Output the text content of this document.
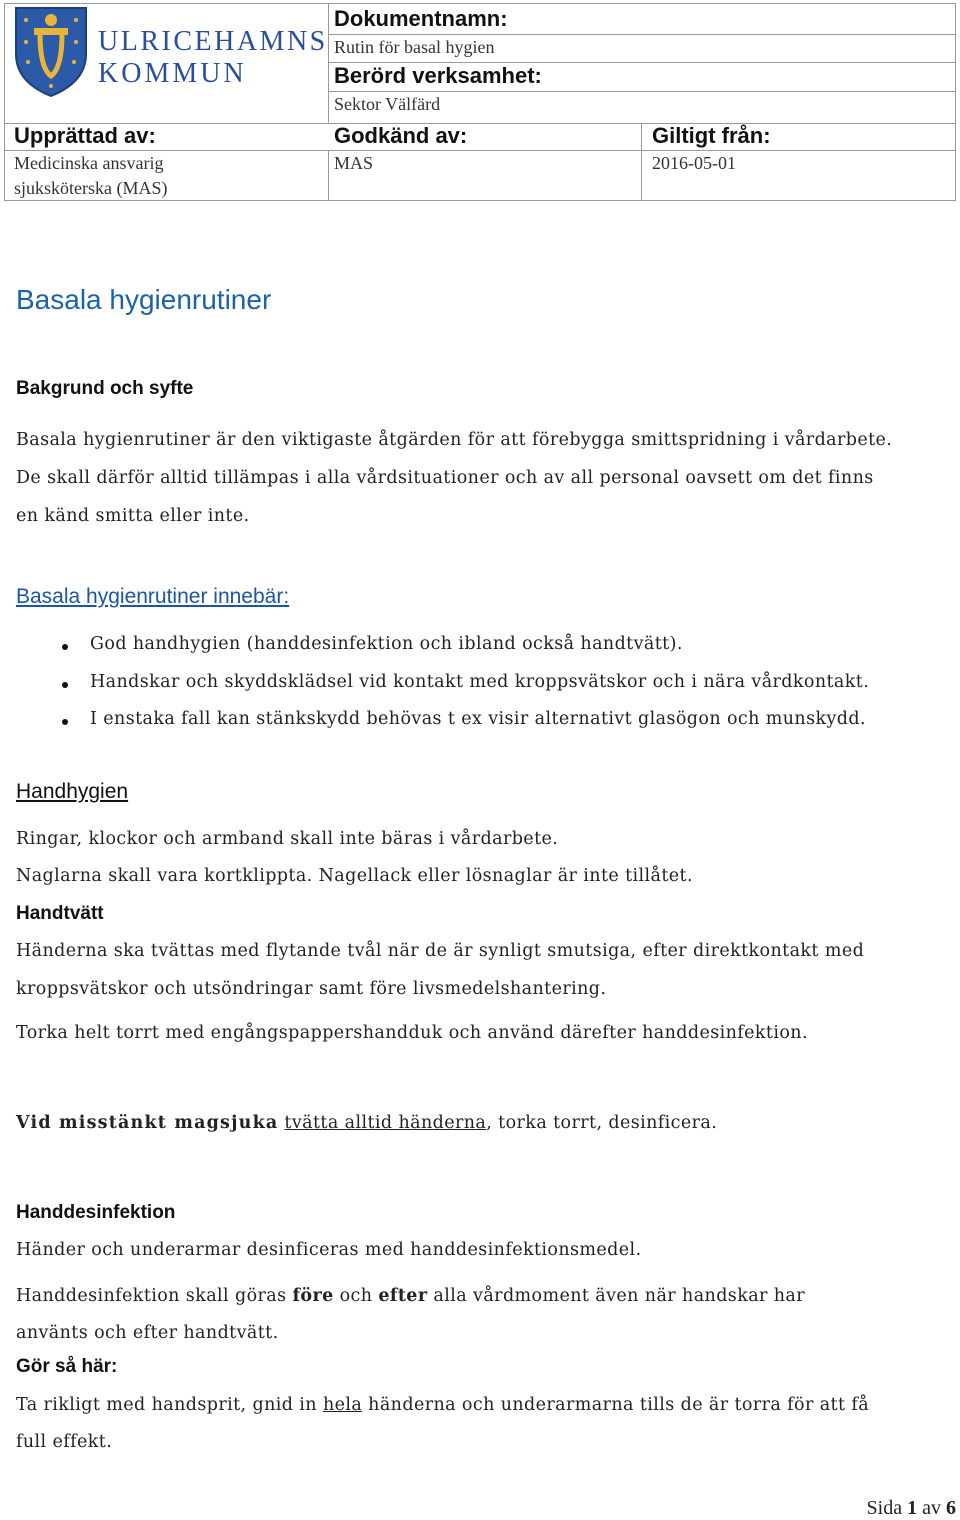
ULRICEHAMNS
KOMMUN
Dokumentnamn:
Rutin för basal hygien
Berörd verksamhet:
Sektor Välfärd
Upprättad av:
Medicinska ansvarig
sjuksköterska (MAS)
Godkänd av:
MAS
Giltigt från:
2016-05-01
Basala hygienrutiner
Bakgrund och syfte
Basala hygienrutiner är den viktigaste åtgärden för att förebygga smittspridning i vårdarbete.
De skall därför alltid tillämpas i alla vårdsituationer och av all personal oavsett om det finns
en känd smitta eller inte.
Basala hygienrutiner innebär:
God handhygien (handdesinfektion och ibland också handtvätt).
Handskar och skyddsklädsel vid kontakt med kroppsvätskor och i nära vårdkontakt.
I enstaka fall kan stänkskydd behövas t ex visir alternativt glasögon och munskydd.
Handhygien
Ringar, klockor och armband skall inte bäras i vårdarbete.
Naglarna skall vara kortklippta. Nagellack eller lösnaglar är inte tillåtet.
Handtvätt
Händerna ska tvättas med flytande tvål när de är synligt smutsiga, efter direktkontakt med
kroppsvätskor och utsöndringar samt före livsmedelshantering.
Torka helt torrt med engångspappershandduk och använd därefter handdesinfektion.
Vid misstänkt magsjuka tvätta alltid händerna, torka torrt, desinficera.
Handdesinfektion
Händer och underarmar desinficeras med handdesinfektionsmedel.
Handdesinfektion skall göras före och efter alla vårdmoment även när handskar har
använts och efter handtvätt.
Gör så här:
Ta rikligt med handsprit, gnid in hela händerna och underarmarna tills de är torra för att få
full effekt.
Sida 1 av 6
